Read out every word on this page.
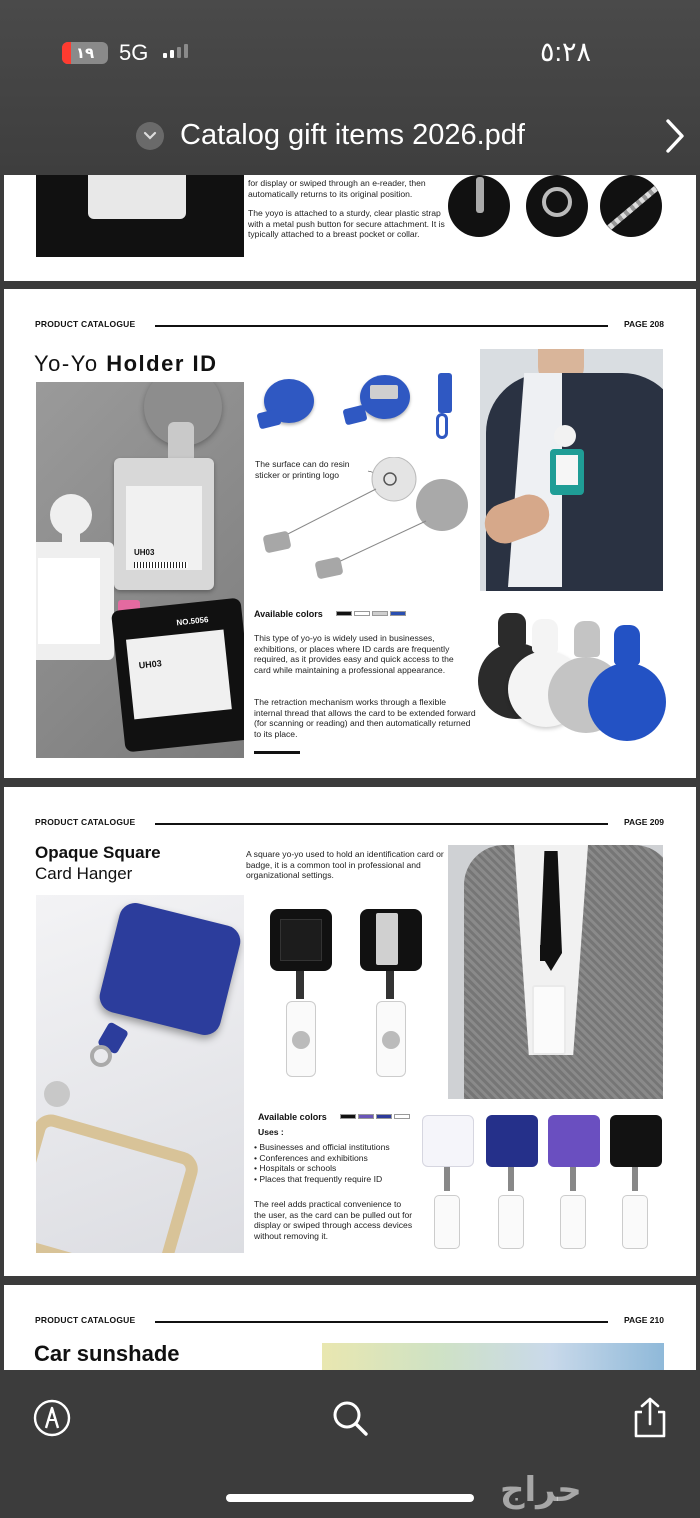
١٩	5G	٥:٢٨
Catalog gift items 2026.pdf
for display or swiped through an e-reader, then automatically returns to its original position.
The yoyo is attached to a sturdy, clear plastic strap with a metal push button for secure attachment. It is typically attached to a breast pocket or collar.
PRODUCT CATALOGUE	PAGE 208
Yo-Yo Holder ID
UH03
UH03
NO.5056
The surface can do resin sticker or printing logo
Available colors
This type of yo-yo is widely used in businesses, exhibitions, or places where ID cards are frequently required, as it provides easy and quick access to the card while maintaining a professional appearance.
The retraction mechanism works through a flexible internal thread that allows the card to be extended forward (for scanning or reading) and then automatically returned to its place.
PRODUCT CATALOGUE	PAGE 209
Opaque Square
Card Hanger
A square yo-yo used to hold an identification card or badge, it is a common tool in professional and organizational settings.
Available colors
Uses :
• Businesses and official institutions
• Conferences and exhibitions
• Hospitals or schools
• Places that frequently require ID
The reel adds practical convenience to the user, as the card can be pulled out for display or swiped through access devices without removing it.
PRODUCT CATALOGUE	PAGE 210
Car sunshade
حراج
